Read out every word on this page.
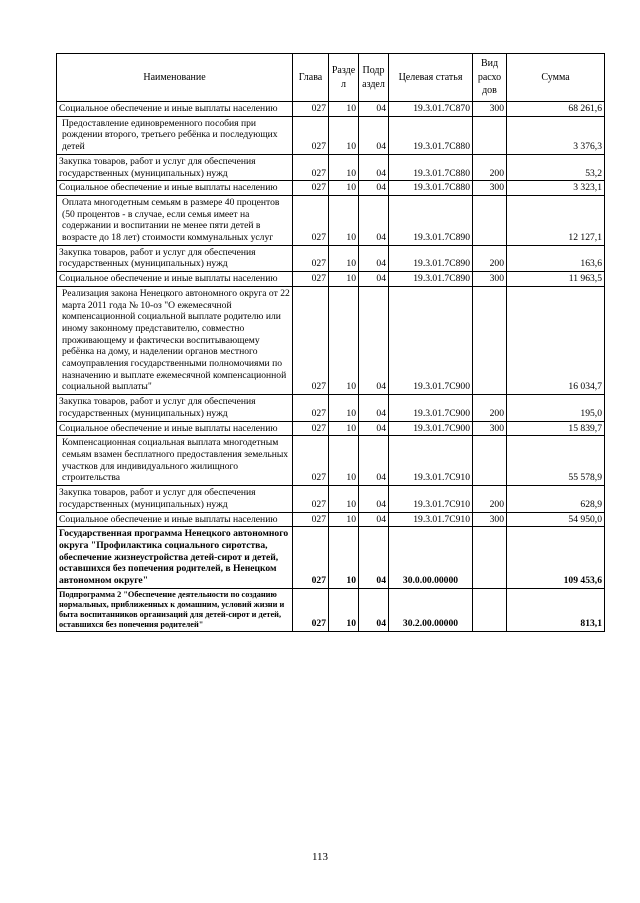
Наименование	Глава	Разде л	Подр аздел	Целевая статья	Вид расхо дов	Сумма
Социальное обеспечение и иные выплаты населению	027	10	04	19.3.01.7С870	300	68 261,6
Предоставление единовременного пособия при рождении второго, третьего ребёнка и последующих детей	027	10	04	19.3.01.7С880		3 376,3
Закупка товаров, работ и услуг для обеспечения государственных (муниципальных) нужд	027	10	04	19.3.01.7С880	200	53,2
Социальное обеспечение и иные выплаты населению	027	10	04	19.3.01.7С880	300	3 323,1
Оплата многодетным семьям в размере 40 процентов (50 процентов - в случае, если семья имеет на содержании и воспитании не менее пяти детей в возрасте до 18 лет) стоимости коммунальных услуг	027	10	04	19.3.01.7С890		12 127,1
Закупка товаров, работ и услуг для обеспечения государственных (муниципальных) нужд	027	10	04	19.3.01.7С890	200	163,6
Социальное обеспечение и иные выплаты населению	027	10	04	19.3.01.7С890	300	11 963,5
Реализация закона Ненецкого автономного округа от 22 марта 2011 года № 10-оз "О ежемесячной компенсационной социальной выплате родителю или иному законному представителю, совместно проживающему и фактически воспитывающему ребёнка на дому, и наделении органов местного самоуправления государственными полномочиями по назначению и выплате ежемесячной компенсационной социальной выплаты"	027	10	04	19.3.01.7С900		16 034,7
Закупка товаров, работ и услуг для обеспечения государственных (муниципальных) нужд	027	10	04	19.3.01.7С900	200	195,0
Социальное обеспечение и иные выплаты населению	027	10	04	19.3.01.7С900	300	15 839,7
Компенсационная социальная выплата многодетным семьям взамен бесплатного предоставления земельных участков для индивидуального жилищного строительства	027	10	04	19.3.01.7С910		55 578,9
Закупка товаров, работ и услуг для обеспечения государственных (муниципальных) нужд	027	10	04	19.3.01.7С910	200	628,9
Социальное обеспечение и иные выплаты населению	027	10	04	19.3.01.7С910	300	54 950,0
Государственная программа Ненецкого автономного округа "Профилактика социального сиротства, обеспечение жизнеустройства детей-сирот и детей, оставшихся без попечения родителей, в Ненецком автономном округе"	027	10	04	30.0.00.00000		109 453,6
Подпрограмма 2 "Обеспечение деятельности по созданию нормальных, приближенных к домашним, условий жизни и быта воспитанников организаций для детей-сирот и детей, оставшихся без попечения родителей"	027	10	04	30.2.00.00000		813,1
113
